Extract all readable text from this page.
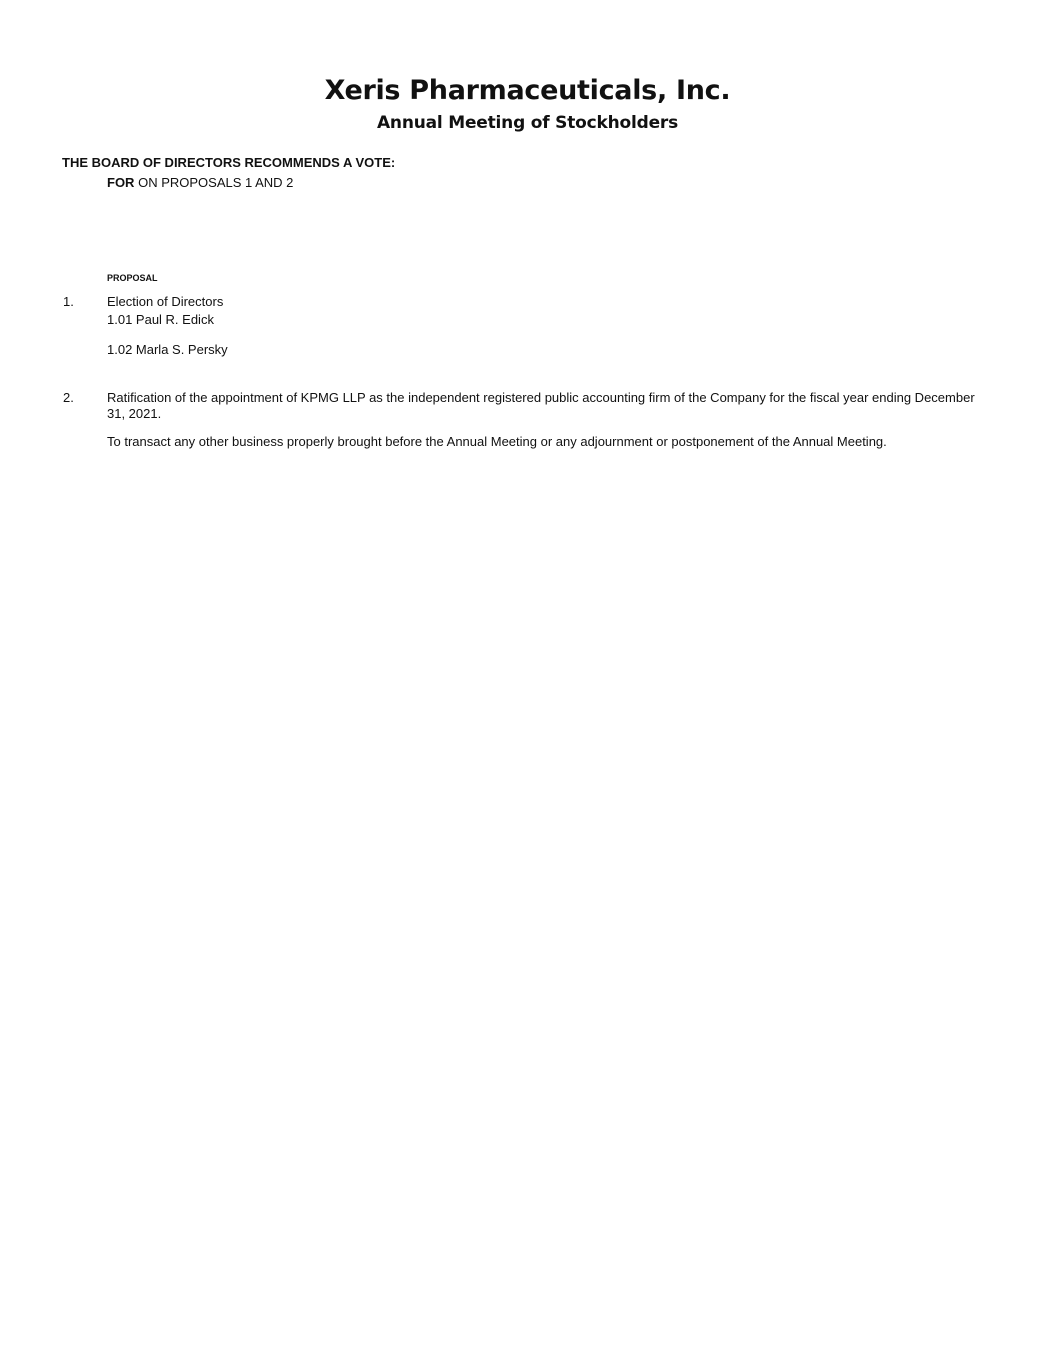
Xeris Pharmaceuticals, Inc.
Annual Meeting of Stockholders
THE BOARD OF DIRECTORS RECOMMENDS A VOTE:
FOR ON PROPOSALS 1 AND 2
PROPOSAL
1.	Election of Directors
1.01 Paul R. Edick
1.02 Marla S. Persky
2.	Ratification of the appointment of KPMG LLP as the independent registered public accounting firm of the Company for the fiscal year ending December 31, 2021.
To transact any other business properly brought before the Annual Meeting or any adjournment or postponement of the Annual Meeting.
